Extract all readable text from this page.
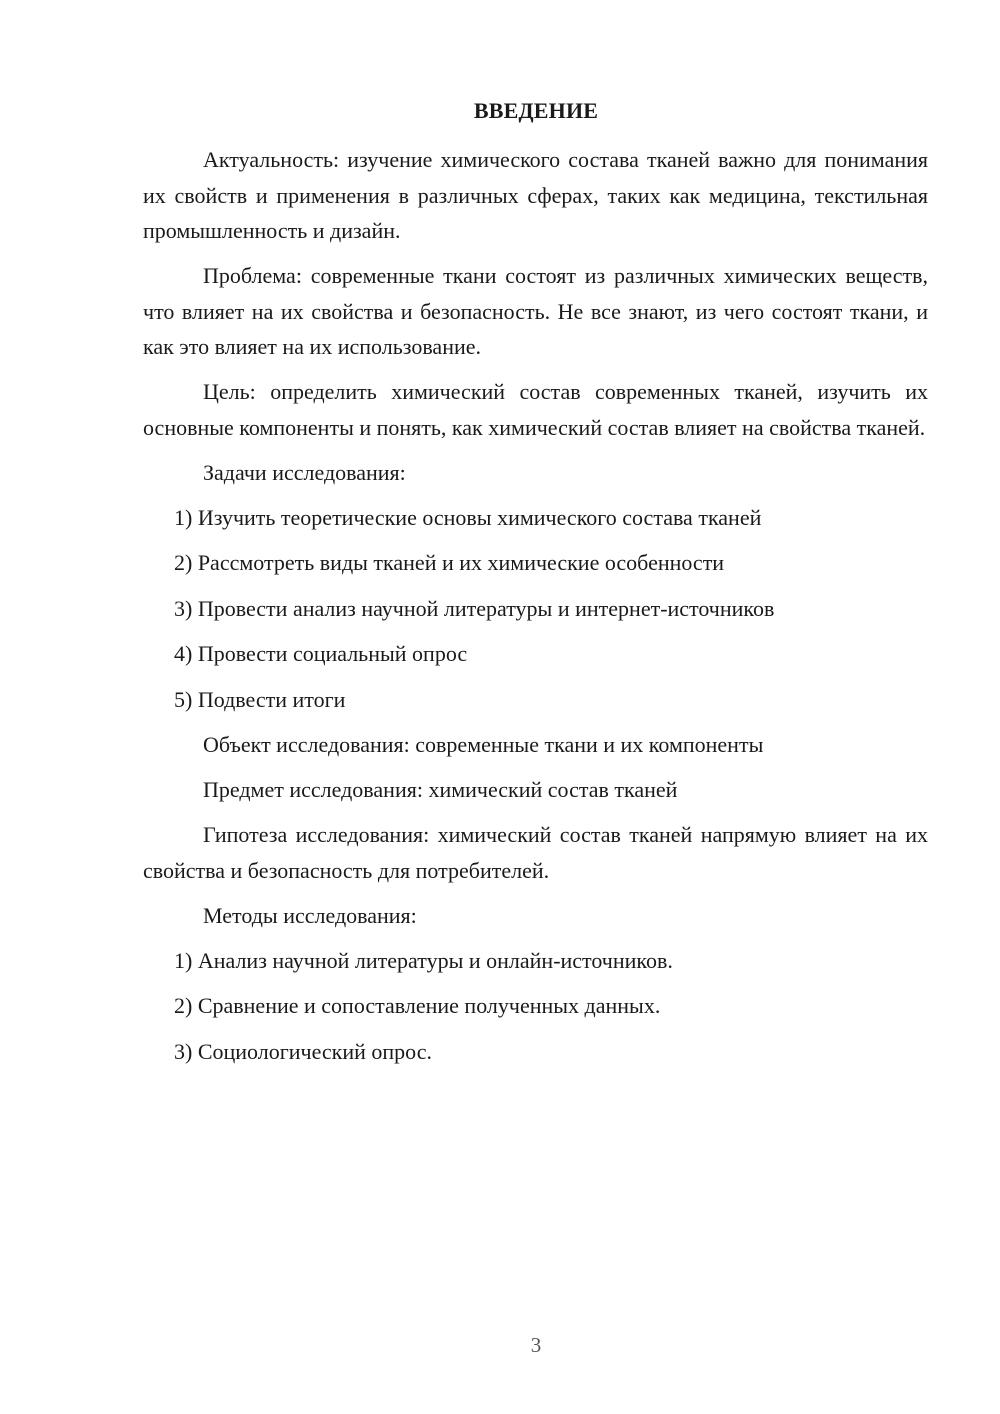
ВВЕДЕНИЕ

Актуальность: изучение химического состава тканей важно для понимания их свойств и применения в различных сферах, таких как медицина, текстильная промышленность и дизайн.

Проблема: современные ткани состоят из различных химических веществ, что влияет на их свойства и безопасность. Не все знают, из чего состоят ткани, и как это влияет на их использование.

Цель: определить химический состав современных тканей, изучить их основные компоненты и понять, как химический состав влияет на свойства тканей.

Задачи исследования:

1) Изучить теоретические основы химического состава тканей
2) Рассмотреть виды тканей и их химические особенности
3) Провести анализ научной литературы и интернет-источников
4) Провести социальный опрос
5) Подвести итоги

Объект исследования: современные ткани и их компоненты

Предмет исследования: химический состав тканей

Гипотеза исследования: химический состав тканей напрямую влияет на их свойства и безопасность для потребителей.

Методы исследования:

1) Анализ научной литературы и онлайн-источников.
2) Сравнение и сопоставление полученных данных.
3) Социологический опрос.
3
